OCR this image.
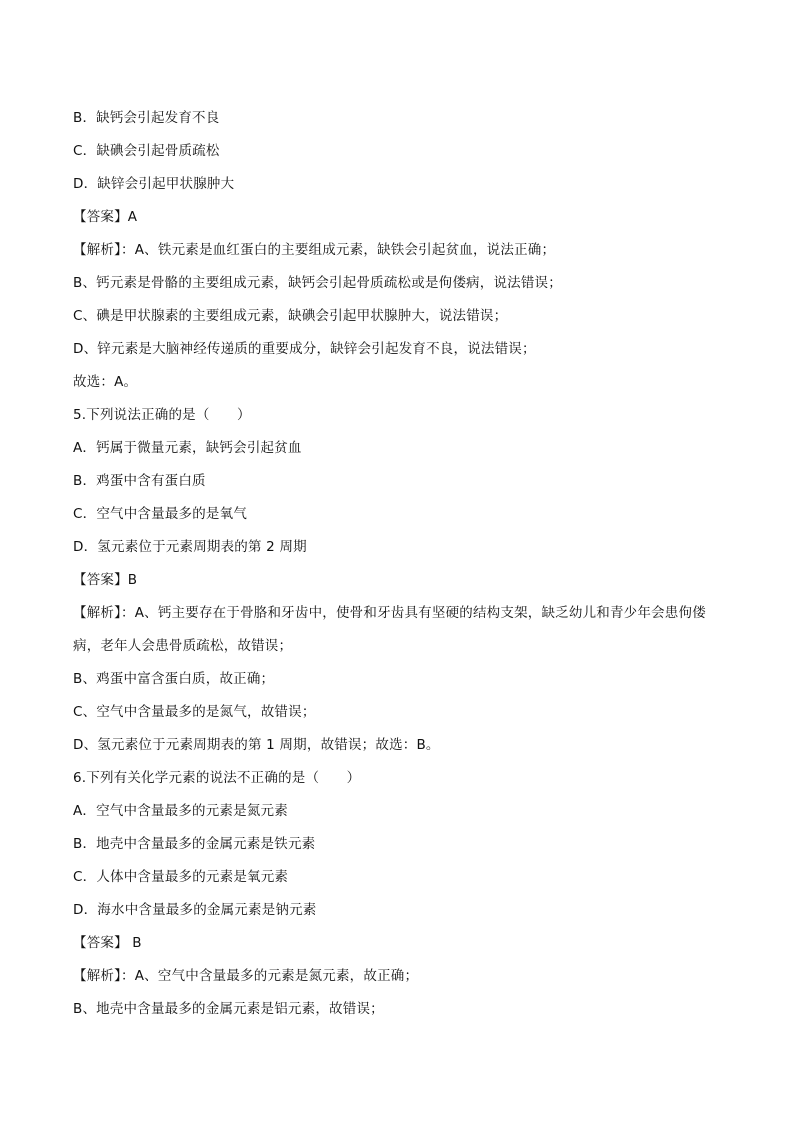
B．缺钙会引起发育不良
C．缺碘会引起骨质疏松
D．缺锌会引起甲状腺肿大
【答案】A
【解析】：A、铁元素是血红蛋白的主要组成元素，缺铁会引起贫血，说法正确；
B、钙元素是骨骼的主要组成元素，缺钙会引起骨质疏松或是佝偻病，说法错误；
C、碘是甲状腺素的主要组成元素，缺碘会引起甲状腺肿大，说法错误；
D、锌元素是大脑神经传递质的重要成分，缺锌会引起发育不良，说法错误；
故选：A。
5.下列说法正确的是（　　）
A．钙属于微量元素，缺钙会引起贫血
B．鸡蛋中含有蛋白质
C．空气中含量最多的是氧气
D．氢元素位于元素周期表的第 2 周期
【答案】B
【解析】：A、钙主要存在于骨胳和牙齿中，使骨和牙齿具有坚硬的结构支架，缺乏幼儿和青少年会患佝偻
病，老年人会患骨质疏松，故错误；
B、鸡蛋中富含蛋白质，故正确；
C、空气中含量最多的是氮气，故错误；
D、氢元素位于元素周期表的第 1 周期，故错误；故选：B。
6.下列有关化学元素的说法不正确的是（　　）
A．空气中含量最多的元素是氮元素
B．地壳中含量最多的金属元素是铁元素
C．人体中含量最多的元素是氧元素
D．海水中含量最多的金属元素是钠元素
【答案】 B
【解析】：A、空气中含量最多的元素是氮元素，故正确；
B、地壳中含量最多的金属元素是铝元素，故错误；
